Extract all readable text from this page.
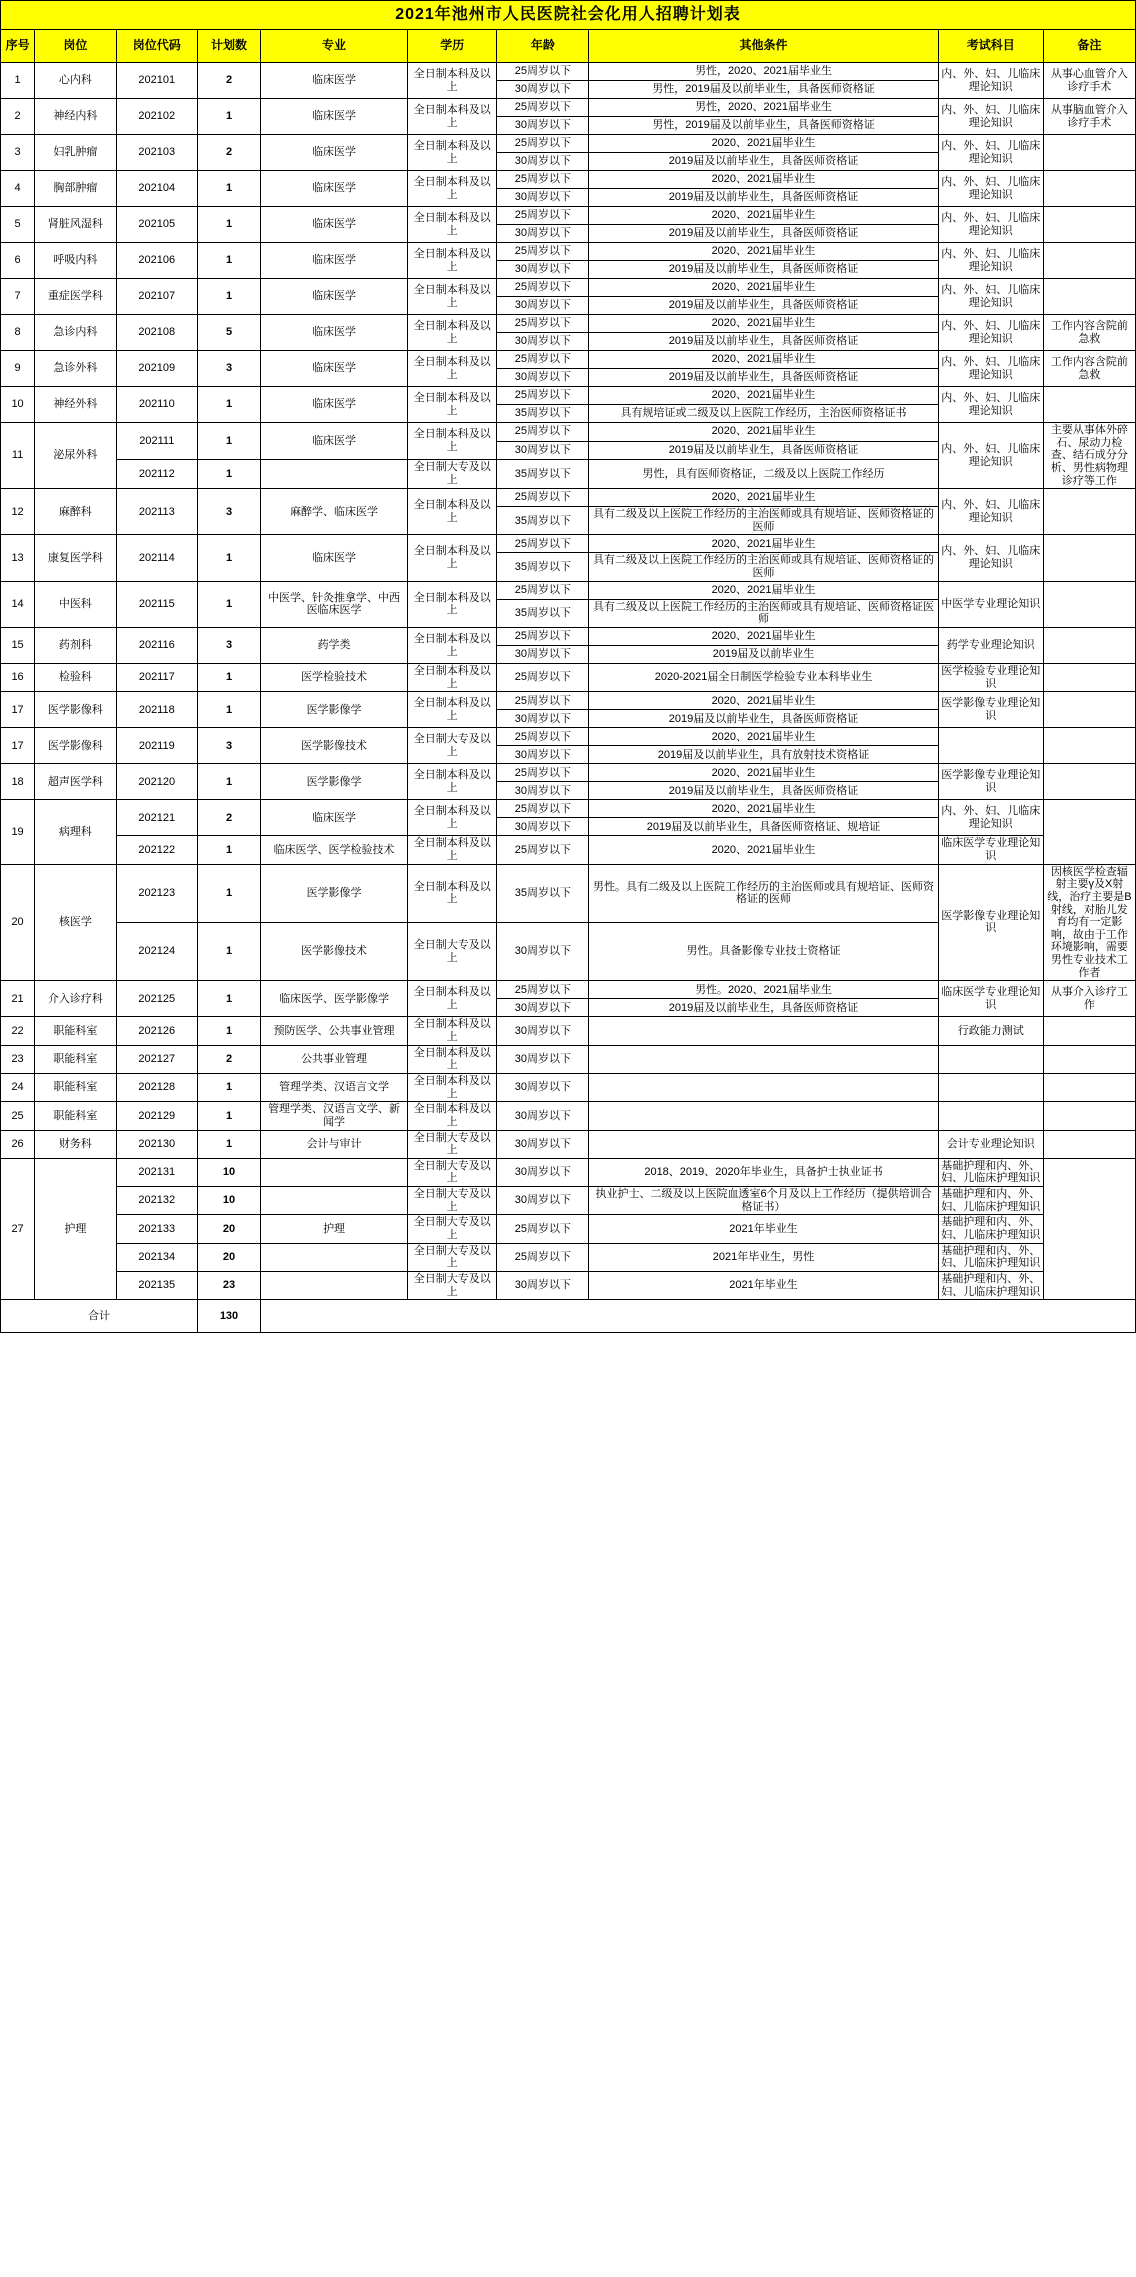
2021年池州市人民医院社会化用人招聘计划表									
序号	岗位	岗位代码	计划数	专业	学历	年龄	其他条件	考试科目	备注
1	心内科	202101	2	临床医学	全日制本科及以上	25周岁以下	男性，2020、2021届毕业生	内、外、妇、儿临床理论知识	从事心血管介入诊疗手术
						30周岁以下	男性，2019届及以前毕业生，具备医师资格证		
2	神经内科	202102	1	临床医学	全日制本科及以上	25周岁以下	男性，2020、2021届毕业生	内、外、妇、儿临床理论知识	从事脑血管介入诊疗手术
						30周岁以下	男性，2019届及以前毕业生，具备医师资格证		
3	妇乳肿瘤	202103	2	临床医学	全日制本科及以上	25周岁以下	2020、2021届毕业生	内、外、妇、儿临床理论知识	
						30周岁以下	2019届及以前毕业生，具备医师资格证		
4	胸部肿瘤	202104	1	临床医学	全日制本科及以上	25周岁以下	2020、2021届毕业生	内、外、妇、儿临床理论知识	
						30周岁以下	2019届及以前毕业生，具备医师资格证		
5	肾脏风湿科	202105	1	临床医学	全日制本科及以上	25周岁以下	2020、2021届毕业生	内、外、妇、儿临床理论知识	
						30周岁以下	2019届及以前毕业生，具备医师资格证		
6	呼吸内科	202106	1	临床医学	全日制本科及以上	25周岁以下	2020、2021届毕业生	内、外、妇、儿临床理论知识	
						30周岁以下	2019届及以前毕业生，具备医师资格证		
7	重症医学科	202107	1	临床医学	全日制本科及以上	25周岁以下	2020、2021届毕业生	内、外、妇、儿临床理论知识	
						30周岁以下	2019届及以前毕业生，具备医师资格证		
8	急诊内科	202108	5	临床医学	全日制本科及以上	25周岁以下	2020、2021届毕业生	内、外、妇、儿临床理论知识	工作内容含院前急救
						30周岁以下	2019届及以前毕业生，具备医师资格证		
9	急诊外科	202109	3	临床医学	全日制本科及以上	25周岁以下	2020、2021届毕业生	内、外、妇、儿临床理论知识	工作内容含院前急救
						30周岁以下	2019届及以前毕业生，具备医师资格证		
10	神经外科	202110	1	临床医学	全日制本科及以上	25周岁以下	2020、2021届毕业生	内、外、妇、儿临床理论知识	
						35周岁以下	具有规培证或二级及以上医院工作经历，主治医师资格证书		
11	泌尿外科	202111	1	临床医学	全日制本科及以上	25周岁以下	2020、2021届毕业生	内、外、妇、儿临床理论知识	主要从事体外碎石、尿动力检查、结石成分分析、男性病物理诊疗等工作
						30周岁以下	2019届及以前毕业生，具备医师资格证		
		202112	1		全日制大专及以上	35周岁以下	男性，具有医师资格证，二级及以上医院工作经历		
12	麻醉科	202113	3	麻醉学、临床医学	全日制本科及以上	25周岁以下	2020、2021届毕业生	内、外、妇、儿临床理论知识	
						35周岁以下	具有二级及以上医院工作经历的主治医师或具有规培证、医师资格证的医师		
13	康复医学科	202114	1	临床医学	全日制本科及以上	25周岁以下	2020、2021届毕业生	内、外、妇、儿临床理论知识	
						35周岁以下	具有二级及以上医院工作经历的主治医师或具有规培证、医师资格证的医师		
14	中医科	202115	1	中医学、针灸推拿学、中西医临床医学	全日制本科及以上	25周岁以下	2020、2021届毕业生	中医学专业理论知识	
						35周岁以下	具有二级及以上医院工作经历的主治医师或具有规培证、医师资格证医师		
15	药剂科	202116	3	药学类	全日制本科及以上	25周岁以下	2020、2021届毕业生	药学专业理论知识	
						30周岁以下	2019届及以前毕业生		
16	检验科	202117	1	医学检验技术	全日制本科及以上	25周岁以下	2020-2021届全日制医学检验专业本科毕业生	医学检验专业理论知识	
17	医学影像科	202118	1	医学影像学	全日制本科及以上	25周岁以下	2020、2021届毕业生	医学影像专业理论知识	
						30周岁以下	2019届及以前毕业生，具备医师资格证		
17	医学影像科	202119	3	医学影像技术	全日制大专及以上	25周岁以下	2020、2021届毕业生		
						30周岁以下	2019届及以前毕业生，具有放射技术资格证		
18	超声医学科	202120	1	医学影像学	全日制本科及以上	25周岁以下	2020、2021届毕业生	医学影像专业理论知识	
						30周岁以下	2019届及以前毕业生，具备医师资格证		
19	病理科	202121	2	临床医学	全日制本科及以上	25周岁以下	2020、2021届毕业生	内、外、妇、儿临床理论知识	
						30周岁以下	2019届及以前毕业生，具备医师资格证、规培证		
		202122	1	临床医学、医学检验技术	全日制本科及以上	25周岁以下	2020、2021届毕业生	临床医学专业理论知识	
20	核医学	202123	1	医学影像学	全日制本科及以上	35周岁以下	男性。具有二级及以上医院工作经历的主治医师或具有规培证、医师资格证的医师	医学影像专业理论知识	因核医学检查辐射主要γ及X射线，治疗主要是B射线，对胎儿发育均有一定影响，故由于工作环境影响，需要男性专业技术工作者
		202124	1	医学影像技术	全日制大专及以上	30周岁以下	男性。具备影像专业技士资格证		
21	介入诊疗科	202125	1	临床医学、医学影像学	全日制本科及以上	25周岁以下	男性。2020、2021届毕业生	临床医学专业理论知识	从事介入诊疗工作
						30周岁以下	2019届及以前毕业生，具备医师资格证		
22	职能科室	202126	1	预防医学、公共事业管理	全日制本科及以上	30周岁以下		行政能力测试	
23	职能科室	202127	2	公共事业管理	全日制本科及以上	30周岁以下			
24	职能科室	202128	1	管理学类、汉语言文学	全日制本科及以上	30周岁以下			
25	职能科室	202129	1	管理学类、汉语言文学、新闻学	全日制本科及以上	30周岁以下			
26	财务科	202130	1	会计与审计	全日制大专及以上	30周岁以下		会计专业理论知识	
27	护理	202131	10		全日制大专及以上	30周岁以下	2018、2019、2020年毕业生，具备护士执业证书	基础护理和内、外、妇、儿临床护理知识	
		202132	10		全日制大专及以上	30周岁以下	执业护士、二级及以上医院血透室6个月及以上工作经历（提供培训合格证书）	基础护理和内、外、妇、儿临床护理知识	
		202133	20	护理	全日制大专及以上	25周岁以下	2021年毕业生	基础护理和内、外、妇、儿临床护理知识	
		202134	20		全日制大专及以上	25周岁以下	2021年毕业生，男性	基础护理和内、外、妇、儿临床护理知识	
		202135	23		全日制大专及以上	30周岁以下	2021年毕业生	基础护理和内、外、妇、儿临床护理知识	
合计			130						
